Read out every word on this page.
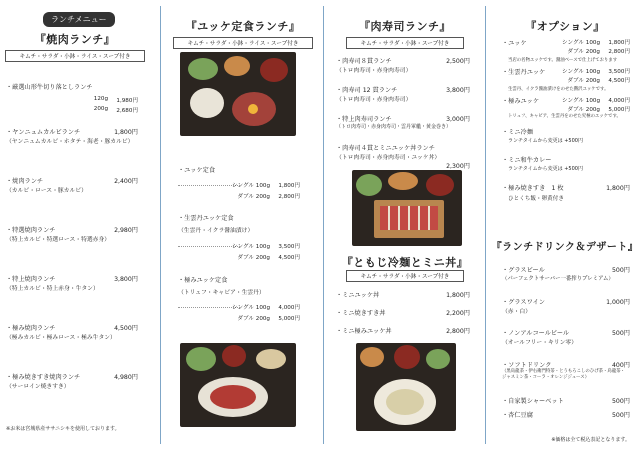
ランチメニュー
『焼肉ランチ』
キムチ・サラダ・小鉢・ライス・スープ付き
・厳選山形牛切り落としランチ
120g 1,980円
200g 2,680円
・ヤンニュムカルビランチ	1,800円
（ヤンニュムカルビ・ホタテ・海老・豚カルビ）
・焼肉ランチ	2,400円
（カルビ・ロース・豚カルビ）
・特選焼肉ランチ	2,980円
（特上カルビ・特選ロース・特選赤身）
・特上焼肉ランチ	3,800円
（特上カルビ・特上赤身・牛タン）
・極み焼肉ランチ	4,500円
（極みカルビ・極みロース・極み牛タン）
・極み焼きすき焼肉ランチ	4,980円
（サーロイン焼きすき）
※お米は宮城県産ササニシキを使用しております。
『ユッケ定食ランチ』
キムチ・サラダ・小鉢・ライス・スープ付き
・ユッケ定食
シングル 100g 1,800円
ダブル 200g 2,800円
・生雲丹ユッケ定食
（生雲丹・イクラ醤油漬け）
シングル 100g 3,500円
ダブル 200g 4,500円
・極みユッケ定食
（トリュフ・キャビア・生雲丹）
シングル 100g 4,000円
ダブル 200g 5,000円
『肉寿司ランチ』
キムチ・サラダ・小鉢・スープ付き
・肉寿司８貫ランチ	2,500円
（トロ肉寿司・赤身肉寿司）
・肉寿司 12 貫ランチ	3,800円
（トロ肉寿司・赤身肉寿司）
・特上肉寿司ランチ	3,000円
（トロ肉寿司・赤身肉寿司・雲丹軍艦・黄金巻き）
・肉寿司４貫とミニユッケ丼ランチ
（トロ肉寿司・赤身肉寿司・ユッケ丼）
2,300円
『ともじ冷麺とミニ丼』
キムチ・サラダ・小鉢・スープ付き
・ミニユッケ丼	1,800円
・ミニ焼きすき丼	2,200円
・ミニ極みユッケ丼	2,800円
『オプション』
・ユッケ	シングル 100g 1,800円
ダブル 200g 2,800円
当店の名物ユッケです。醤油ベースで仕上げております
・生雲丹ユッケ	シングル 100g 3,500円
ダブル 200g 4,500円
生雲丹、イクラ醤油漬けをのせた贅沢ユッケです。
・極みユッケ	シングル 100g 4,000円
ダブル 200g 5,000円
トリュフ、キャビア、生雲丹をのせた究極のユッケです。
・ミニ冷麺
ランチタイムから変更は +500円
・ミニ和牛カレー
ランチタイムから変更は +500円
・極み焼きすき　1 枚	1,800円
ひとくち飯・卵黄付き
『ランチドリンク＆デザート』
・グラスビール	500円
（パーフェクトサーバー一番搾りプレミアム）
・グラスワイン	1,000円
（赤・白）
・ノンアルコールビール	500円
（オールフリー・キリン零）
・ソフトドリンク	400円
（黒烏龍茶・伊右衛門特茶・とうもろこしのひげ茶・烏龍茶・ジャスミン茶・コーラ・オレンジジュース）
・自家製シャーベット	500円
・杏仁豆腐	500円
※価格は全て税込表記となります。
